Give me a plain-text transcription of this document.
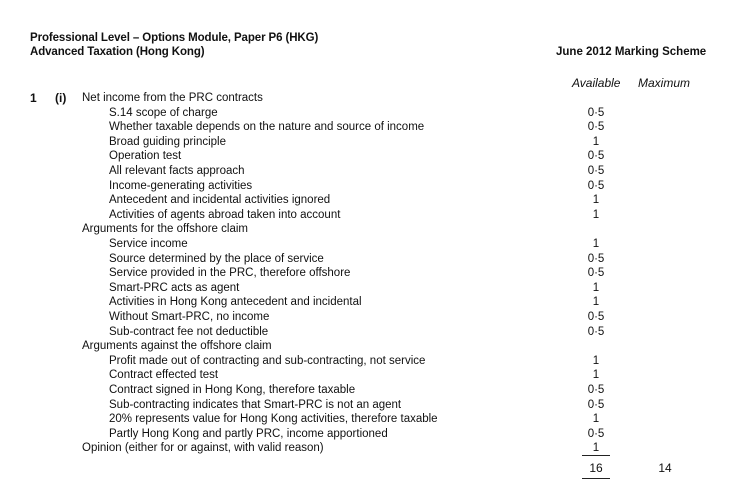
Professional Level – Options Module, Paper P6 (HKG)
Advanced Taxation (Hong Kong)	June 2012 Marking Scheme
Available Maximum
1 (i) Net income from the PRC contracts
S.14 scope of charge	0·5
Whether taxable depends on the nature and source of income	0·5
Broad guiding principle	1
Operation test	0·5
All relevant facts approach	0·5
Income-generating activities	0·5
Antecedent and incidental activities ignored	1
Activities of agents abroad taken into account	1
Arguments for the offshore claim
Service income	1
Source determined by the place of service	0·5
Service provided in the PRC, therefore offshore	0·5
Smart-PRC acts as agent	1
Activities in Hong Kong antecedent and incidental	1
Without Smart-PRC, no income	0·5
Sub-contract fee not deductible	0·5
Arguments against the offshore claim
Profit made out of contracting and sub-contracting, not service	1
Contract effected test	1
Contract signed in Hong Kong, therefore taxable	0·5
Sub-contracting indicates that Smart-PRC is not an agent	0·5
20% represents value for Hong Kong activities, therefore taxable	1
Partly Hong Kong and partly PRC, income apportioned	0·5
Opinion (either for or against, with valid reason)	1
16	14
